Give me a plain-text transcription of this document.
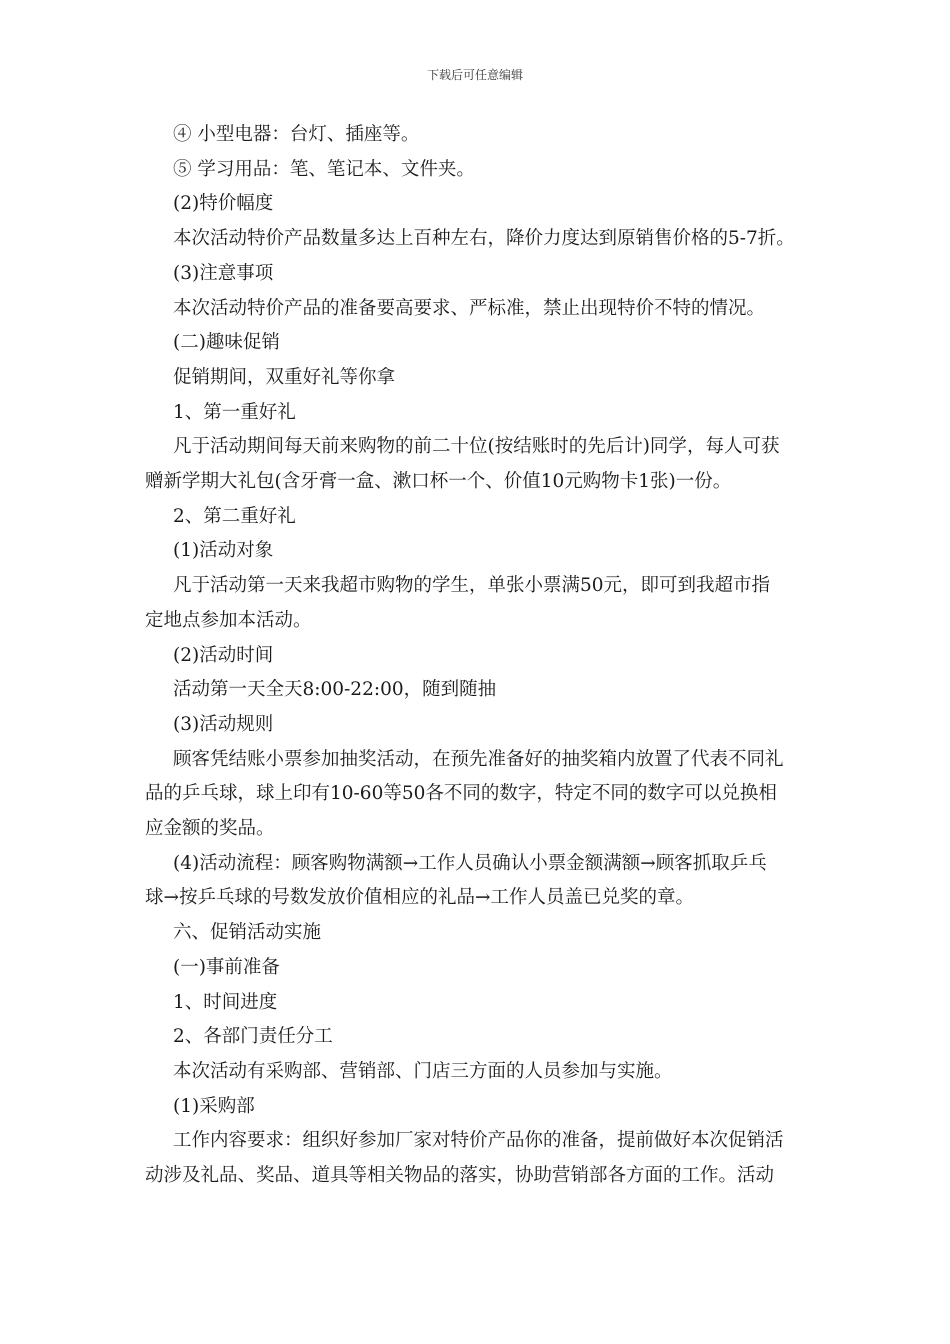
下载后可任意编辑
④ 小型电器：台灯、插座等。
⑤ 学习用品：笔、笔记本、文件夹。
(2)特价幅度
本次活动特价产品数量多达上百种左右，降价力度达到原销售价格的5-7折。
(3)注意事项
本次活动特价产品的准备要高要求、严标准，禁止出现特价不特的情况。
(二)趣味促销
促销期间，双重好礼等你拿
1、第一重好礼
凡于活动期间每天前来购物的前二十位(按结账时的先后计)同学，每人可获
赠新学期大礼包(含牙膏一盒、漱口杯一个、价值10元购物卡1张)一份。
2、第二重好礼
(1)活动对象
凡于活动第一天来我超市购物的学生，单张小票满50元，即可到我超市指
定地点参加本活动。
(2)活动时间
活动第一天全天8:00-22:00，随到随抽
(3)活动规则
顾客凭结账小票参加抽奖活动，在预先准备好的抽奖箱内放置了代表不同礼
品的乒乓球，球上印有10-60等50各不同的数字，特定不同的数字可以兑换相
应金额的奖品。
(4)活动流程：顾客购物满额→工作人员确认小票金额满额→顾客抓取乒乓
球→按乒乓球的号数发放价值相应的礼品→工作人员盖已兑奖的章。
六、促销活动实施
(一)事前准备
1、时间进度
2、各部门责任分工
本次活动有采购部、营销部、门店三方面的人员参加与实施。
(1)采购部
工作内容要求：组织好参加厂家对特价产品你的准备，提前做好本次促销活
动涉及礼品、奖品、道具等相关物品的落实，协助营销部各方面的工作。活动
